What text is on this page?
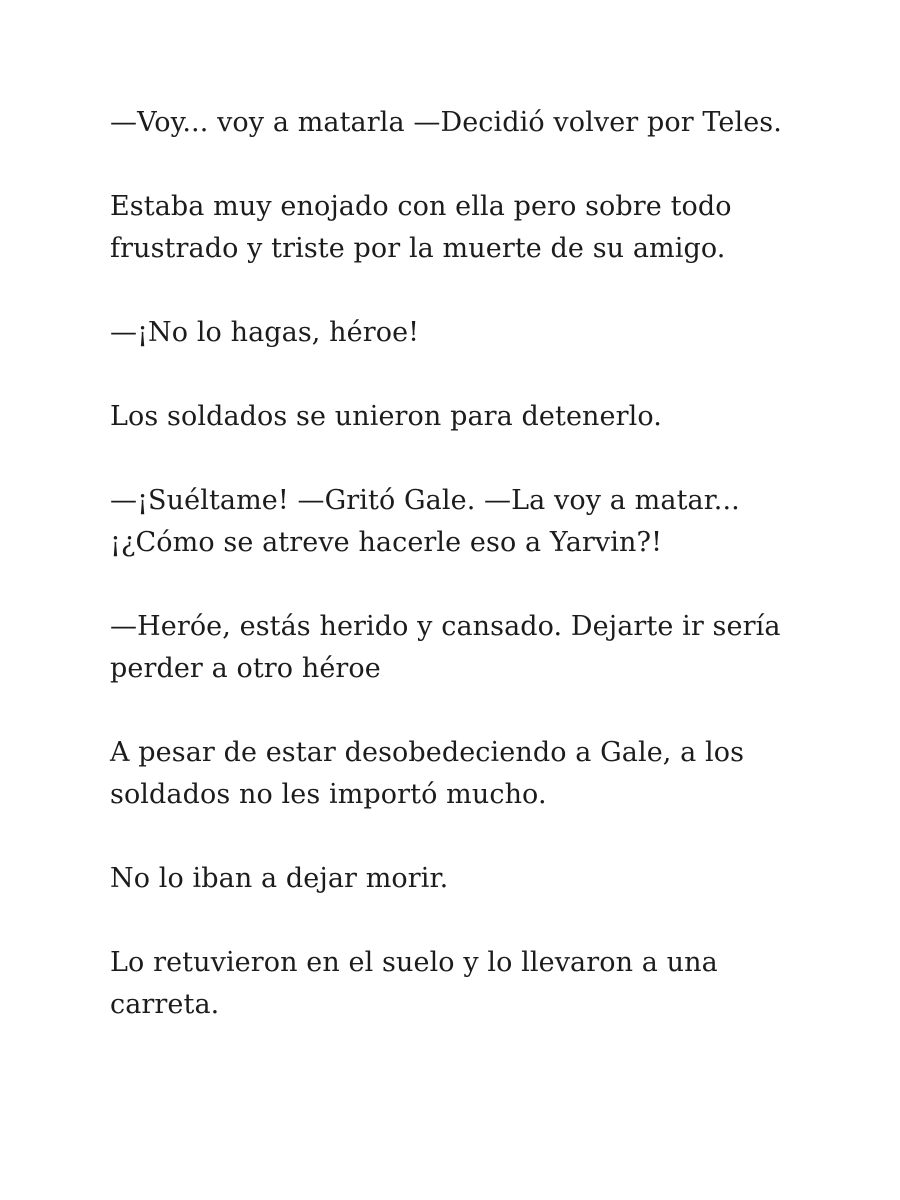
—Voy... voy a matarla —Decidió volver por Teles.

Estaba muy enojado con ella pero sobre todo
frustrado y triste por la muerte de su amigo.

—¡No lo hagas, héroe!

Los soldados se unieron para detenerlo.

—¡Suéltame! —Gritó Gale. —La voy a matar...
¡¿Cómo se atreve hacerle eso a Yarvin?!

—Heróe, estás herido y cansado. Dejarte ir sería
perder a otro héroe

A pesar de estar desobedeciendo a Gale, a los
soldados no les importó mucho.

No lo iban a dejar morir.

Lo retuvieron en el suelo y lo llevaron a una
carreta.
